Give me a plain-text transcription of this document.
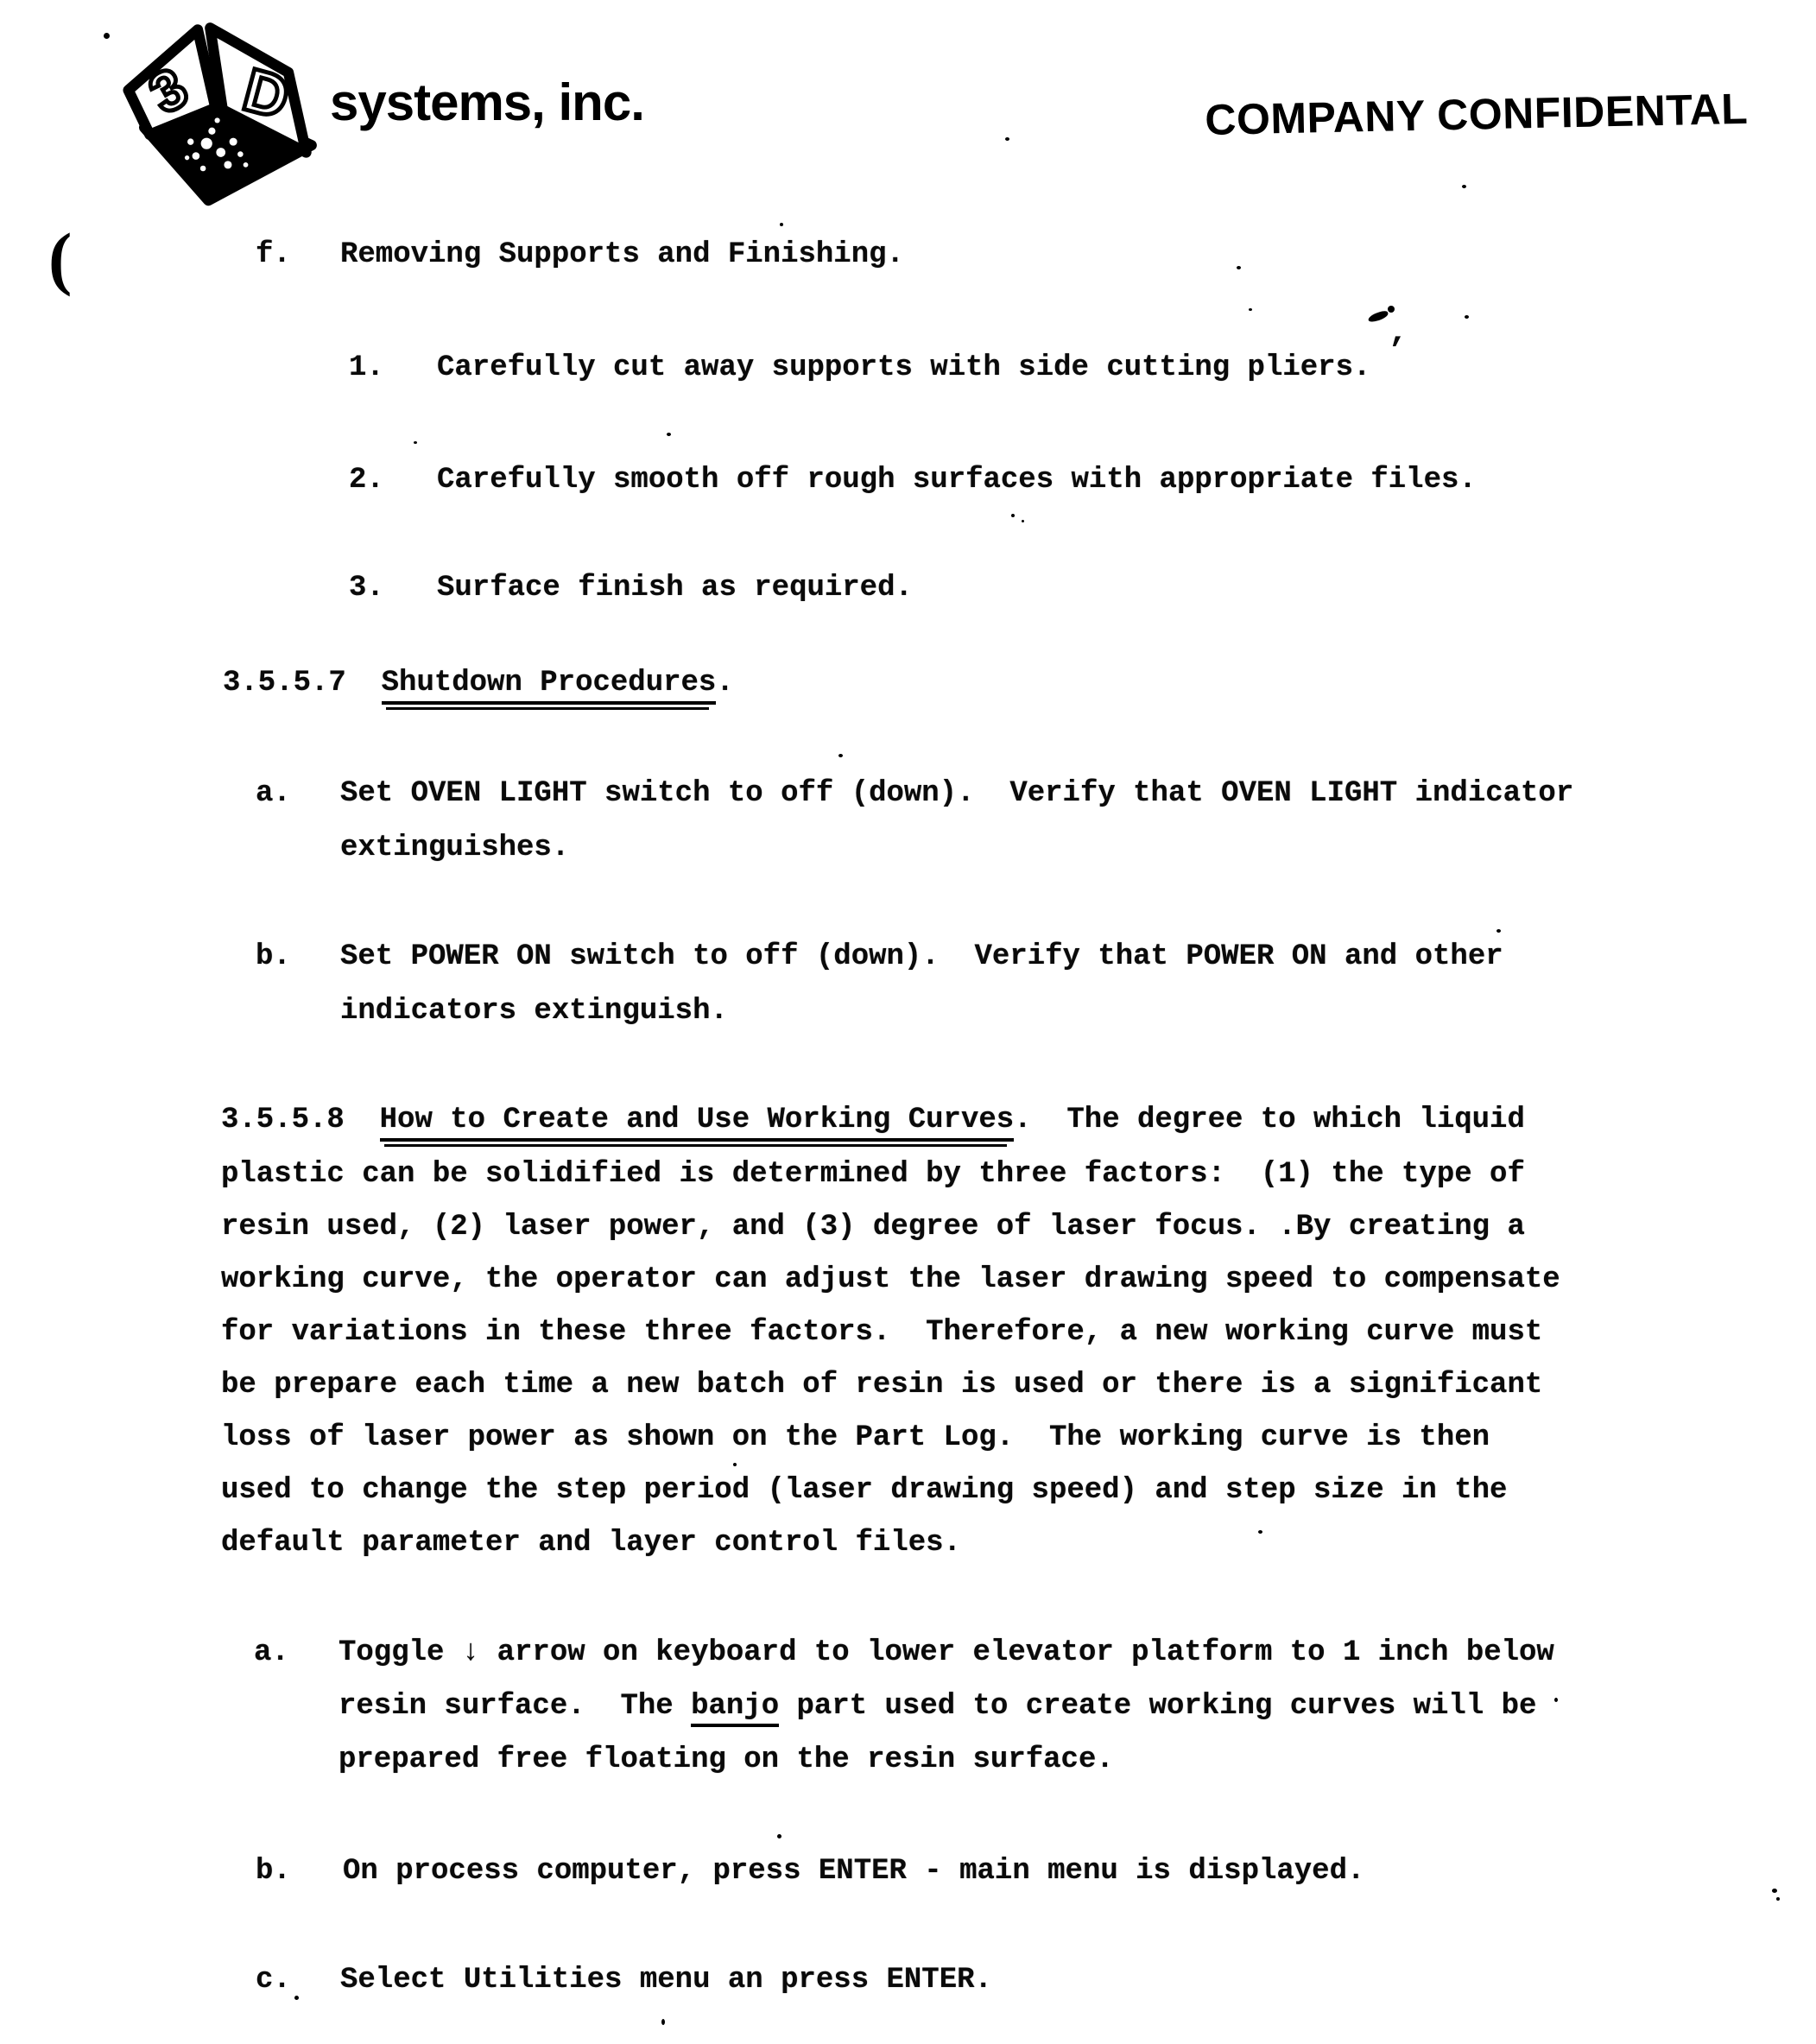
3 D systems, inc.	COMPANY CONFIDENTAL
(	f. Removing Supports and Finishing.
1. Carefully cut away supports with side cutting pliers. ’
2. Carefully smooth off rough surfaces with appropriate files.
3. Surface finish as required.
3.5.5.7  Shutdown Procedures.
a. Set OVEN LIGHT switch to off (down).  Verify that OVEN LIGHT indicator
extinguishes.
b. Set POWER ON switch to off (down).  Verify that POWER ON and other
indicators extinguish.
3.5.5.8  How to Create and Use Working Curves.  The degree to which liquid
plastic can be solidified is determined by three factors:  (1) the type of
resin used, (2) laser power, and (3) degree of laser focus. .By creating a
working curve, the operator can adjust the laser drawing speed to compensate
for variations in these three factors.  Therefore, a new working curve must
be prepare each time a new batch of resin is used or there is a significant
loss of laser power as shown on the Part Log.  The working curve is then
used to change the step period (laser drawing speed) and step size in the
default parameter and layer control files.
a. Toggle ↓ arrow on keyboard to lower elevator platform to 1 inch below
resin surface.  The banjo part used to create working curves will be
prepared free floating on the resin surface.
b. On process computer, press ENTER - main menu is displayed.
c. Select Utilities menu an press ENTER.
